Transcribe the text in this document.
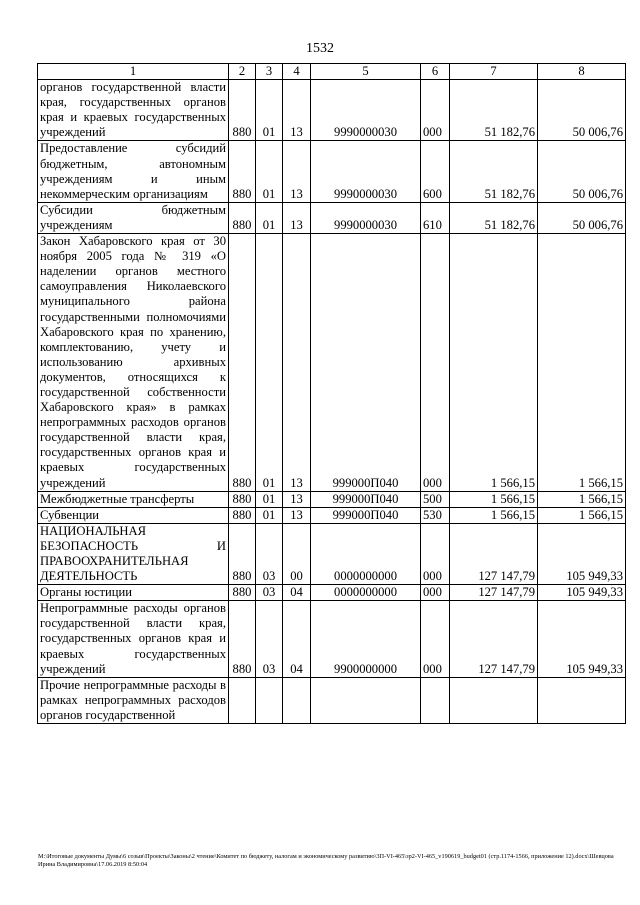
1532
1	2	3	4	5	6	7	8
органов государственной власти края, государственных органов края и краевых государственных учреждений	880	01	13	9990000030	000	51 182,76	50 006,76
Предоставление субсидий бюджетным, автономным учреждениям и иным некоммерческим организациям	880	01	13	9990000030	600	51 182,76	50 006,76
Субсидии бюджетным учреждениям	880	01	13	9990000030	610	51 182,76	50 006,76
Закон Хабаровского края от 30 ноября 2005 года № 319 «О наделении органов местного самоуправления Николаевского муниципального района государственными полномочиями Хабаровского края по хранению, комплектованию, учету и использованию архивных документов, относящихся к государственной собственности Хабаровского края» в рамках непрограммных расходов органов государственной власти края, государственных органов края и краевых государственных учреждений	880	01	13	999000П040	000	1 566,15	1 566,15
Межбюджетные трансферты	880	01	13	999000П040	500	1 566,15	1 566,15
Субвенции	880	01	13	999000П040	530	1 566,15	1 566,15
НАЦИОНАЛЬНАЯ БЕЗОПАСНОСТЬ И ПРАВООХРАНИТЕЛЬНАЯ ДЕЯТЕЛЬНОСТЬ	880	03	00	0000000000	000	127 147,79	105 949,33
Органы юстиции	880	03	04	0000000000	000	127 147,79	105 949,33
Непрограммные расходы органов государственной власти края, государственных органов края и краевых государственных учреждений	880	03	04	9900000000	000	127 147,79	105 949,33
Прочие непрограммные расходы в рамках непрограммных расходов органов государственной							
M:\Итоговые документы Думы\6 созыв\Проекты\Законы\2 чтение\Комитет по бюджету, налогам и экономическому развитию\3П-VI-465\зр2-VI-465_v190619_budget01 (стр.1174-1566, приложение 12).docx\Шевцова Ирина Владимировна\17.06.2019 8:50:04
